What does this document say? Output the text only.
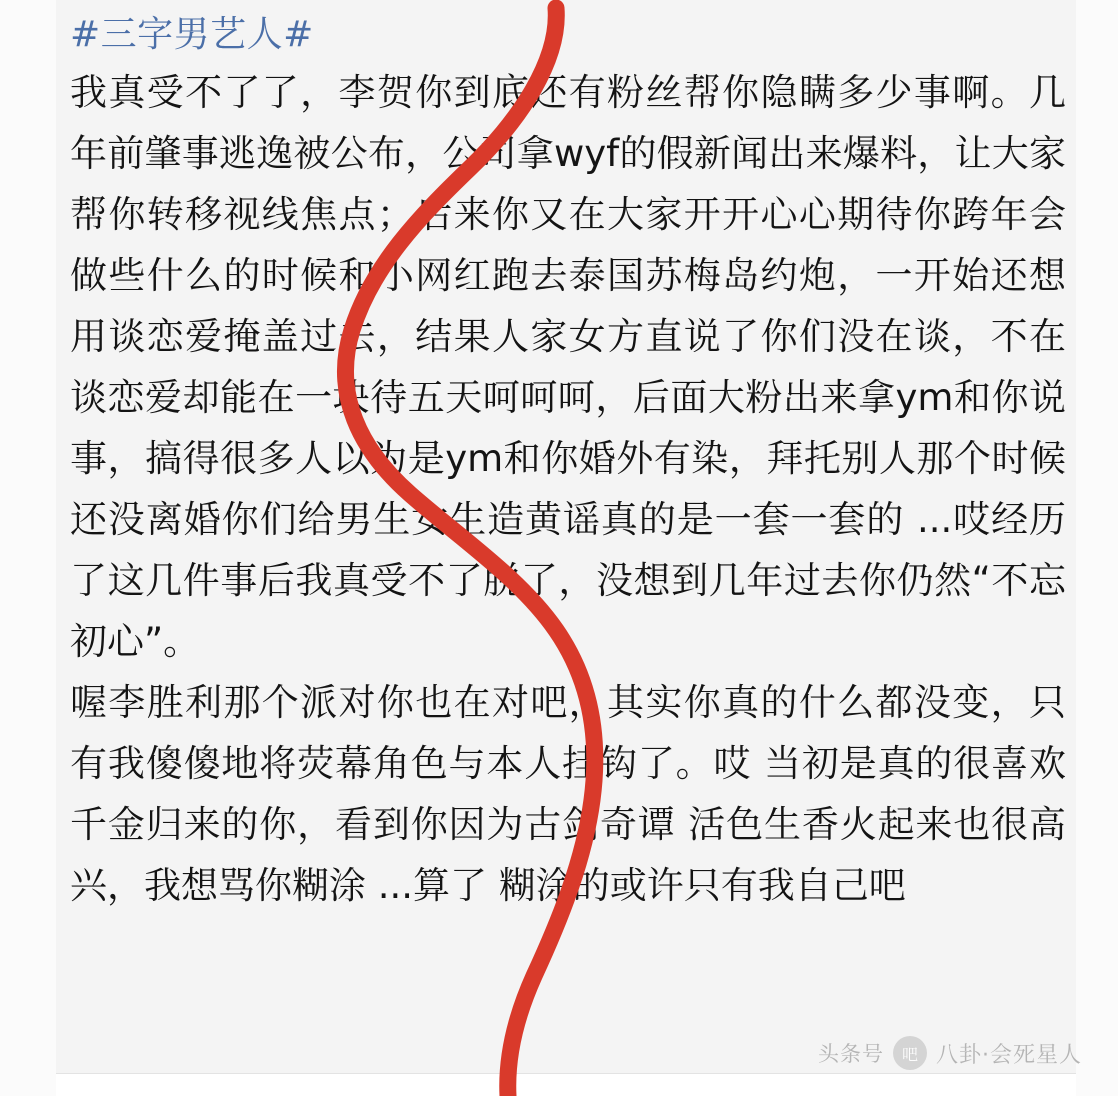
#三字男艺人#
我真受不了了，李贺你到底还有粉丝帮你隐瞒多少事啊。几年前肇事逃逸被公布，公司拿wyf的假新闻出来爆料，让大家帮你转移视线焦点；后来你又在大家开开心心期待你跨年会做些什么的时候和小网红跑去泰国苏梅岛约炮，一开始还想用谈恋爱掩盖过去，结果人家女方直说了你们没在谈，不在谈恋爱却能在一块待五天呵呵呵，后面大粉出来拿ym和你说事，搞得很多人以为是ym和你婚外有染，拜托别人那个时候还没离婚你们给男生女生造黄谣真的是一套一套的 ...哎经历了这几件事后我真受不了脱了，没想到几年过去你仍然“不忘初心”。
喔李胜利那个派对你也在对吧，其实你真的什么都没变，只有我傻傻地将荧幕角色与本人挂钩了。哎 当初是真的很喜欢千金归来的你，看到你因为古剑奇谭 活色生香火起来也很高兴，我想骂你糊涂 ...算了 糊涂的或许只有我自己吧
头条号	吧 八卦·会死星人
